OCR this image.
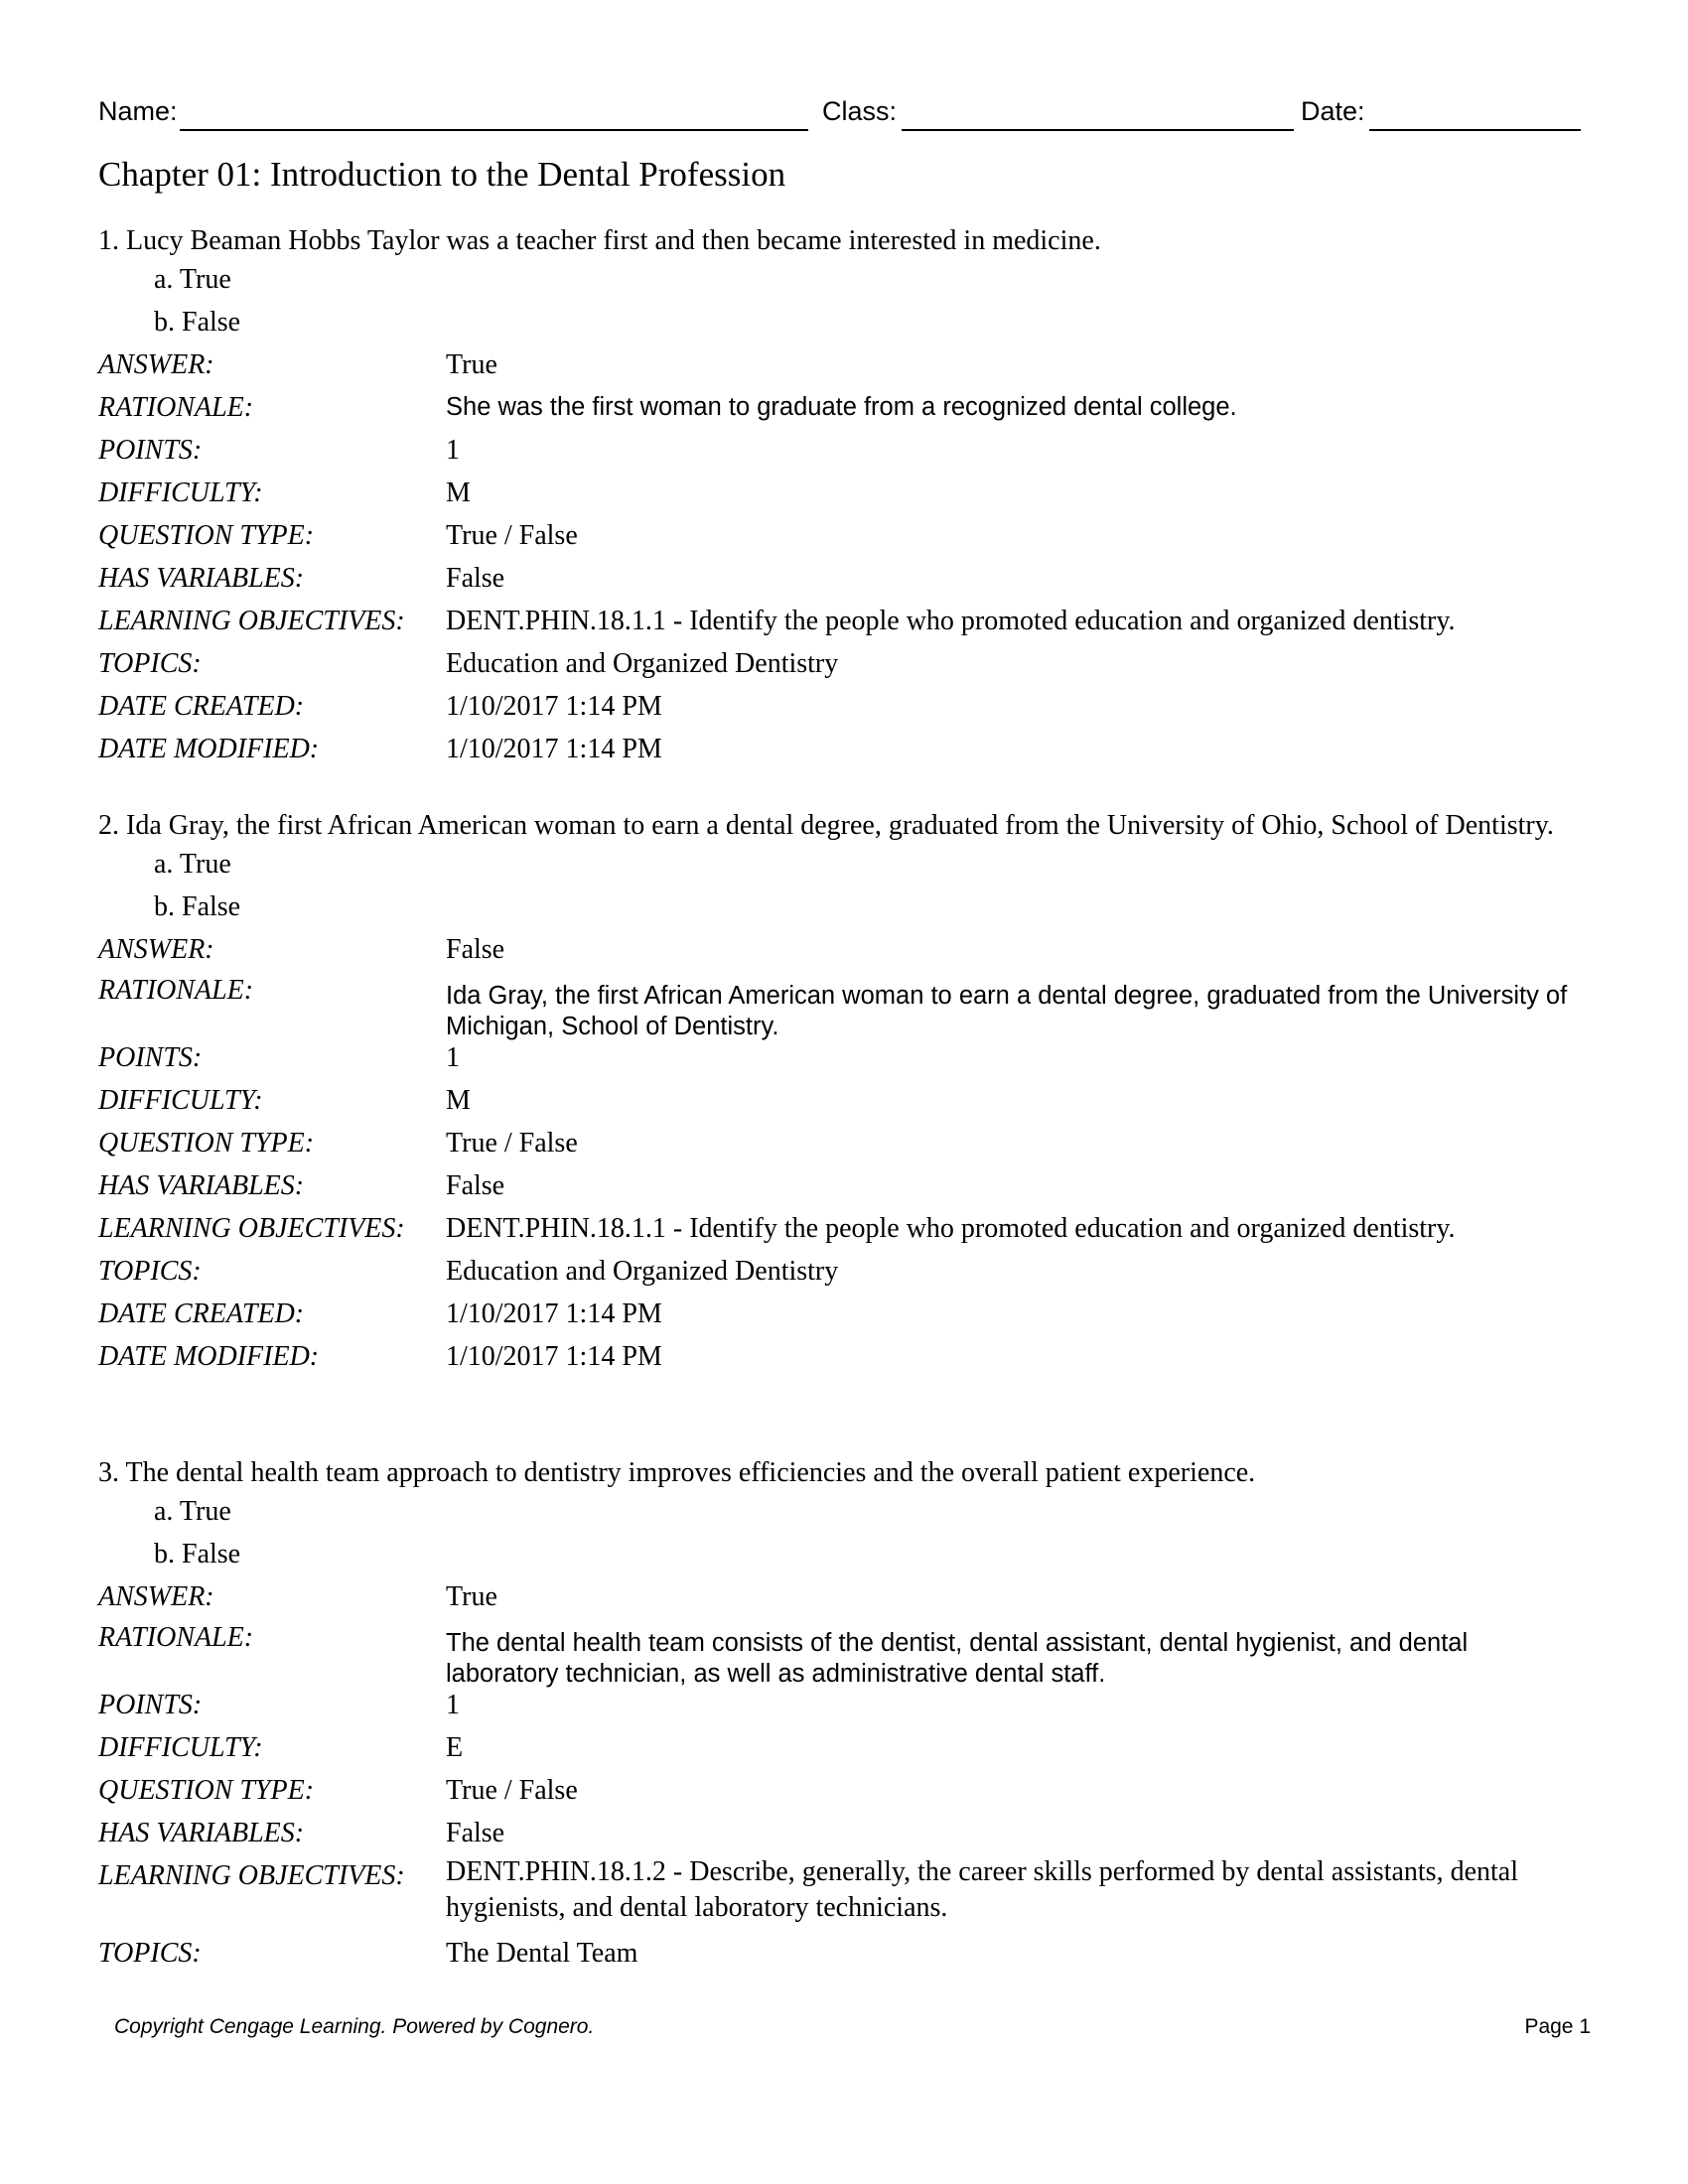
Name:	Class:	Date:
Chapter 01: Introduction to the Dental Profession
1. Lucy Beaman Hobbs Taylor was a teacher first and then became interested in medicine.
a. True
b. False
ANSWER:	True
RATIONALE:	She was the first woman to graduate from a recognized dental college.
POINTS:	1
DIFFICULTY:	M
QUESTION TYPE:	True / False
HAS VARIABLES:	False
LEARNING OBJECTIVES: DENT.PHIN.18.1.1 - Identify the people who promoted education and organized dentistry.
TOPICS:	Education and Organized Dentistry
DATE CREATED:	1/10/2017 1:14 PM
DATE MODIFIED:	1/10/2017 1:14 PM
2. Ida Gray, the first African American woman to earn a dental degree, graduated from the University of Ohio, School of Dentistry.
a. True
b. False
ANSWER:	False
RATIONALE:	Ida Gray, the first African American woman to earn a dental degree, graduated from the University of Michigan, School of Dentistry.
POINTS:	1
DIFFICULTY:	M
QUESTION TYPE:	True / False
HAS VARIABLES:	False
LEARNING OBJECTIVES: DENT.PHIN.18.1.1 - Identify the people who promoted education and organized dentistry.
TOPICS:	Education and Organized Dentistry
DATE CREATED:	1/10/2017 1:14 PM
DATE MODIFIED:	1/10/2017 1:14 PM
3. The dental health team approach to dentistry improves efficiencies and the overall patient experience.
a. True
b. False
ANSWER:	True
RATIONALE:	The dental health team consists of the dentist, dental assistant, dental hygienist, and dental laboratory technician, as well as administrative dental staff.
POINTS:	1
DIFFICULTY:	E
QUESTION TYPE:	True / False
HAS VARIABLES:	False
LEARNING OBJECTIVES: DENT.PHIN.18.1.2 - Describe, generally, the career skills performed by dental assistants, dental hygienists, and dental laboratory technicians.
TOPICS:	The Dental Team
Copyright Cengage Learning. Powered by Cognero.	Page 1
